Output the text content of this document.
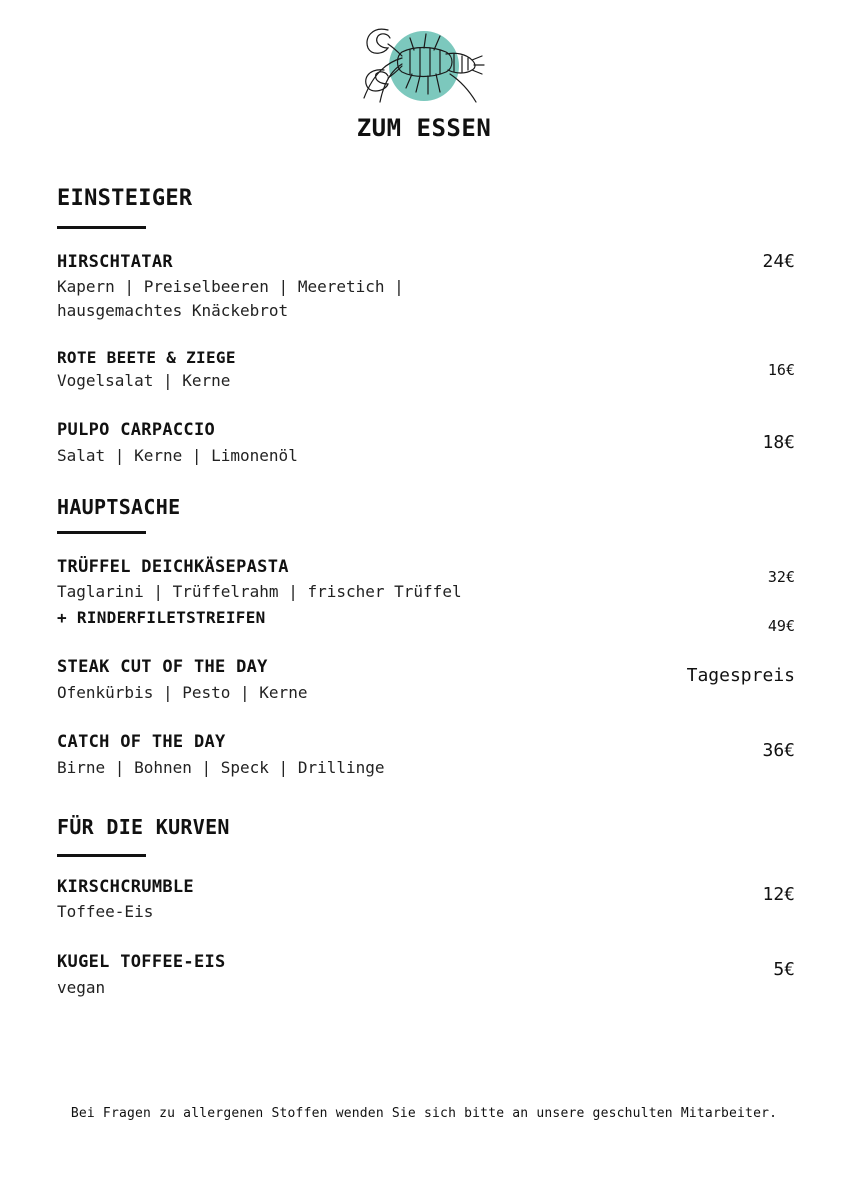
ZUM ESSEN
EINSTEIGER
HIRSCHTATAR
Kapern | Preiselbeeren | Meeretich |
hausgemachtes Knäckebrot
24€
ROTE BEETE & ZIEGE
Vogelsalat | Kerne
16€
PULPO CARPACCIO
Salat | Kerne | Limonenöl
18€
HAUPTSACHE
TRÜFFEL DEICHKÄSEPASTA
Taglarini | Trüffelrahm | frischer Trüffel
+ RINDERFILETSTREIFEN
32€
49€
STEAK CUT OF THE DAY
Ofenkürbis | Pesto | Kerne
Tagespreis
CATCH OF THE DAY
Birne | Bohnen | Speck | Drillinge
36€
FÜR DIE KURVEN
KIRSCHCRUMBLE
Toffee-Eis
12€
KUGEL TOFFEE-EIS
vegan
5€
Bei Fragen zu allergenen Stoffen wenden Sie sich bitte an unsere geschulten Mitarbeiter.
